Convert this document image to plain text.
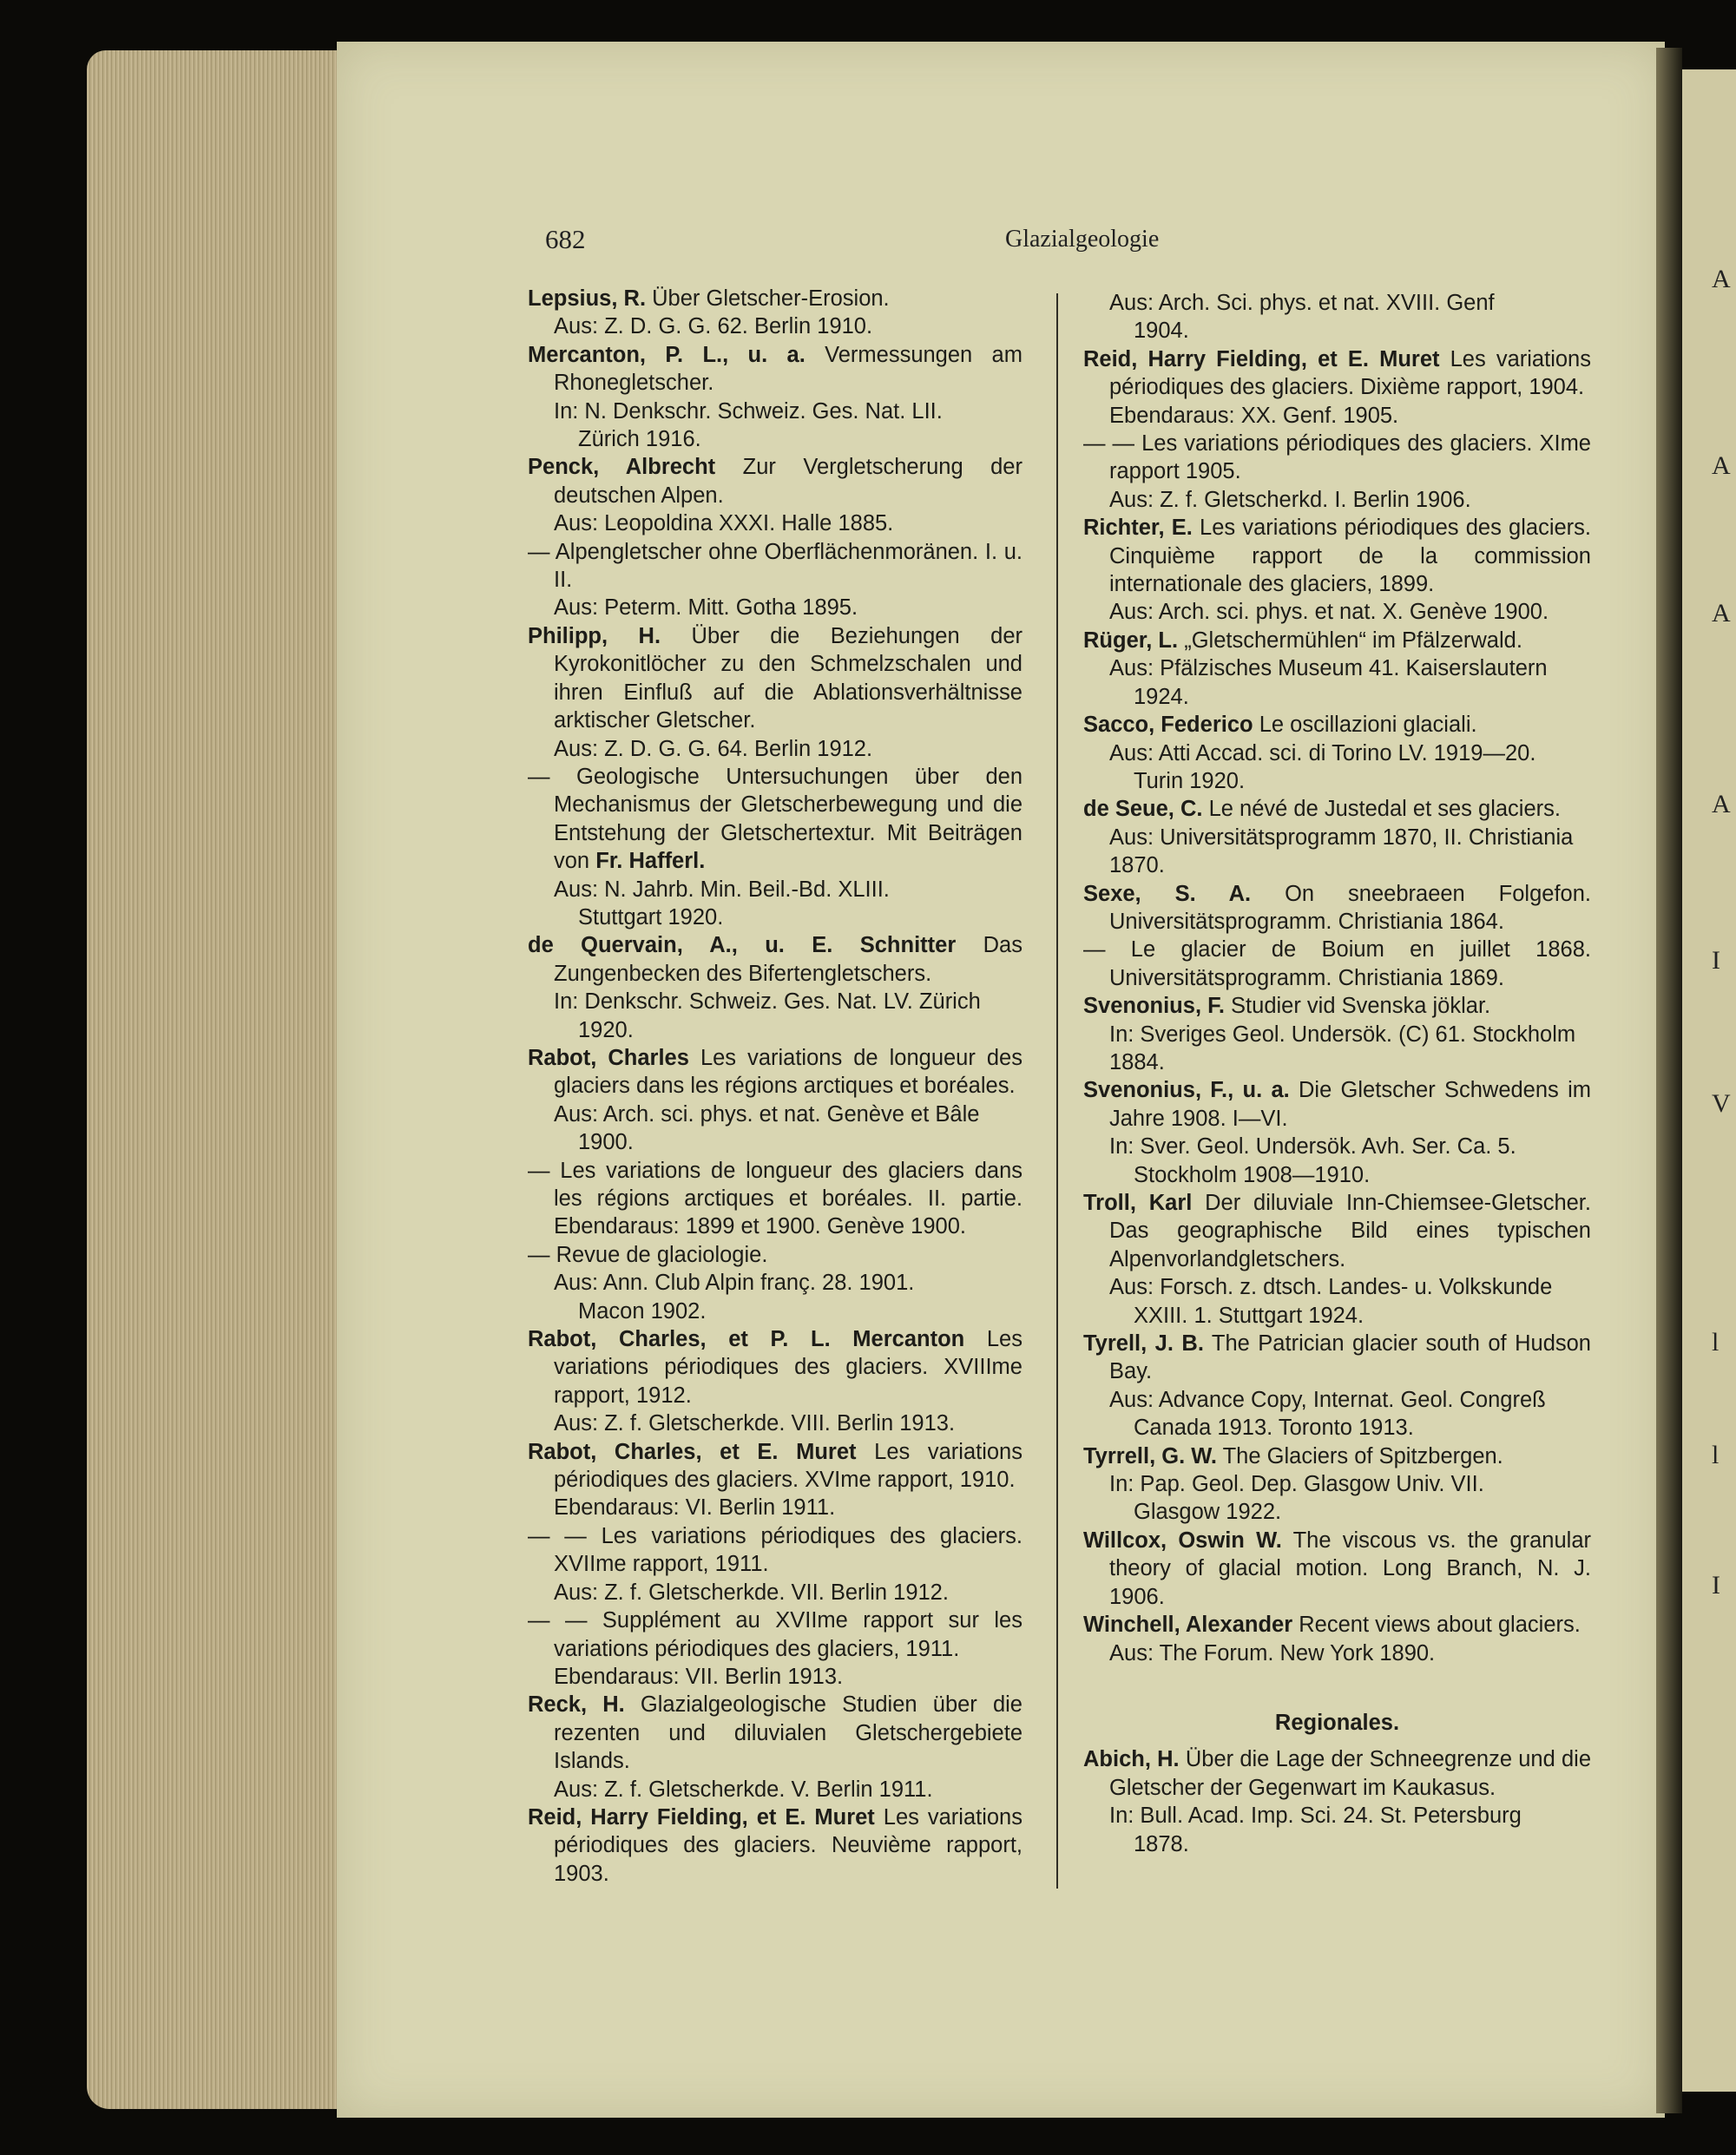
682	Glazialgeologie
Lepsius, R. Über Gletscher-Erosion.
Aus: Z. D. G. G. 62. Berlin 1910.
Mercanton, P. L., u. a. Vermessungen am Rhonegletscher.
In: N. Denkschr. Schweiz. Ges. Nat. LII.
Zürich 1916.
Penck, Albrecht Zur Vergletscherung der deutschen Alpen.
Aus: Leopoldina XXXI. Halle 1885.
— Alpengletscher ohne Oberflächenmoränen. I. u. II.
Aus: Peterm. Mitt. Gotha 1895.
Philipp, H. Über die Beziehungen der Kyrokonitlöcher zu den Schmelzschalen und ihren Einfluß auf die Ablationsverhältnisse arktischer Gletscher.
Aus: Z. D. G. G. 64. Berlin 1912.
— Geologische Untersuchungen über den Mechanismus der Gletscherbewegung und die Entstehung der Gletschertextur. Mit Beiträgen von Fr. Hafferl.
Aus: N. Jahrb. Min. Beil.-Bd. XLIII.
Stuttgart 1920.
de Quervain, A., u. E. Schnitter Das Zungenbecken des Bifertengletschers.
In: Denkschr. Schweiz. Ges. Nat. LV. Zürich
1920.
Rabot, Charles Les variations de longueur des glaciers dans les régions arctiques et boréales.
Aus: Arch. sci. phys. et nat. Genève et Bâle
1900.
— Les variations de longueur des glaciers dans les régions arctiques et boréales. II. partie. Ebendaraus: 1899 et 1900. Genève 1900.
— Revue de glaciologie.
Aus: Ann. Club Alpin franç. 28. 1901.
Macon 1902.
Rabot, Charles, et P. L. Mercanton Les variations périodiques des glaciers. XVIIIme rapport, 1912.
Aus: Z. f. Gletscherkde. VIII. Berlin 1913.
Rabot, Charles, et E. Muret Les variations périodiques des glaciers. XVIme rapport, 1910.
Ebendaraus: VI. Berlin 1911.
— — Les variations périodiques des glaciers. XVIIme rapport, 1911.
Aus: Z. f. Gletscherkde. VII. Berlin 1912.
— — Supplément au XVIIme rapport sur les variations périodiques des glaciers, 1911.
Ebendaraus: VII. Berlin 1913.
Reck, H. Glazialgeologische Studien über die rezenten und diluvialen Gletschergebiete Islands.
Aus: Z. f. Gletscherkde. V. Berlin 1911.
Reid, Harry Fielding, et E. Muret Les variations périodiques des glaciers. Neuvième rapport, 1903.
Aus: Arch. Sci. phys. et nat. XVIII. Genf
1904.
Reid, Harry Fielding, et E. Muret Les variations périodiques des glaciers. Dixième rapport, 1904.
Ebendaraus: XX. Genf. 1905.
— — Les variations périodiques des glaciers. XIme rapport 1905.
Aus: Z. f. Gletscherkd. I. Berlin 1906.
Richter, E. Les variations périodiques des glaciers. Cinquième rapport de la commission internationale des glaciers, 1899.
Aus: Arch. sci. phys. et nat. X. Genève 1900.
Rüger, L. „Gletschermühlen“ im Pfälzerwald.
Aus: Pfälzisches Museum 41. Kaiserslautern
1924.
Sacco, Federico Le oscillazioni glaciali.
Aus: Atti Accad. sci. di Torino LV. 1919—20.
Turin 1920.
de Seue, C. Le névé de Justedal et ses glaciers.
Aus: Universitätsprogramm 1870, II. Christiania 1870.
Sexe, S. A. On sneebraeen Folgefon. Universitätsprogramm. Christiania 1864.
— Le glacier de Boium en juillet 1868. Universitätsprogramm. Christiania 1869.
Svenonius, F. Studier vid Svenska jöklar.
In: Sveriges Geol. Undersök. (C) 61. Stockholm 1884.
Svenonius, F., u. a. Die Gletscher Schwedens im Jahre 1908. I—VI.
In: Sver. Geol. Undersök. Avh. Ser. Ca. 5.
Stockholm 1908—1910.
Troll, Karl Der diluviale Inn-Chiemsee-Gletscher. Das geographische Bild eines typischen Alpenvorlandgletschers.
Aus: Forsch. z. dtsch. Landes- u. Volkskunde
XXIII. 1. Stuttgart 1924.
Tyrell, J. B. The Patrician glacier south of Hudson Bay.
Aus: Advance Copy, Internat. Geol. Congreß
Canada 1913. Toronto 1913.
Tyrrell, G. W. The Glaciers of Spitzbergen.
In: Pap. Geol. Dep. Glasgow Univ. VII.
Glasgow 1922.
Willcox, Oswin W. The viscous vs. the granular theory of glacial motion. Long Branch, N. J. 1906.
Winchell, Alexander Recent views about glaciers.
Aus: The Forum. New York 1890.
Regionales.
Abich, H. Über die Lage der Schneegrenze und die Gletscher der Gegenwart im Kaukasus.
In: Bull. Acad. Imp. Sci. 24. St. Petersburg
1878.
A
A
A
A
I
V
l
l
I
